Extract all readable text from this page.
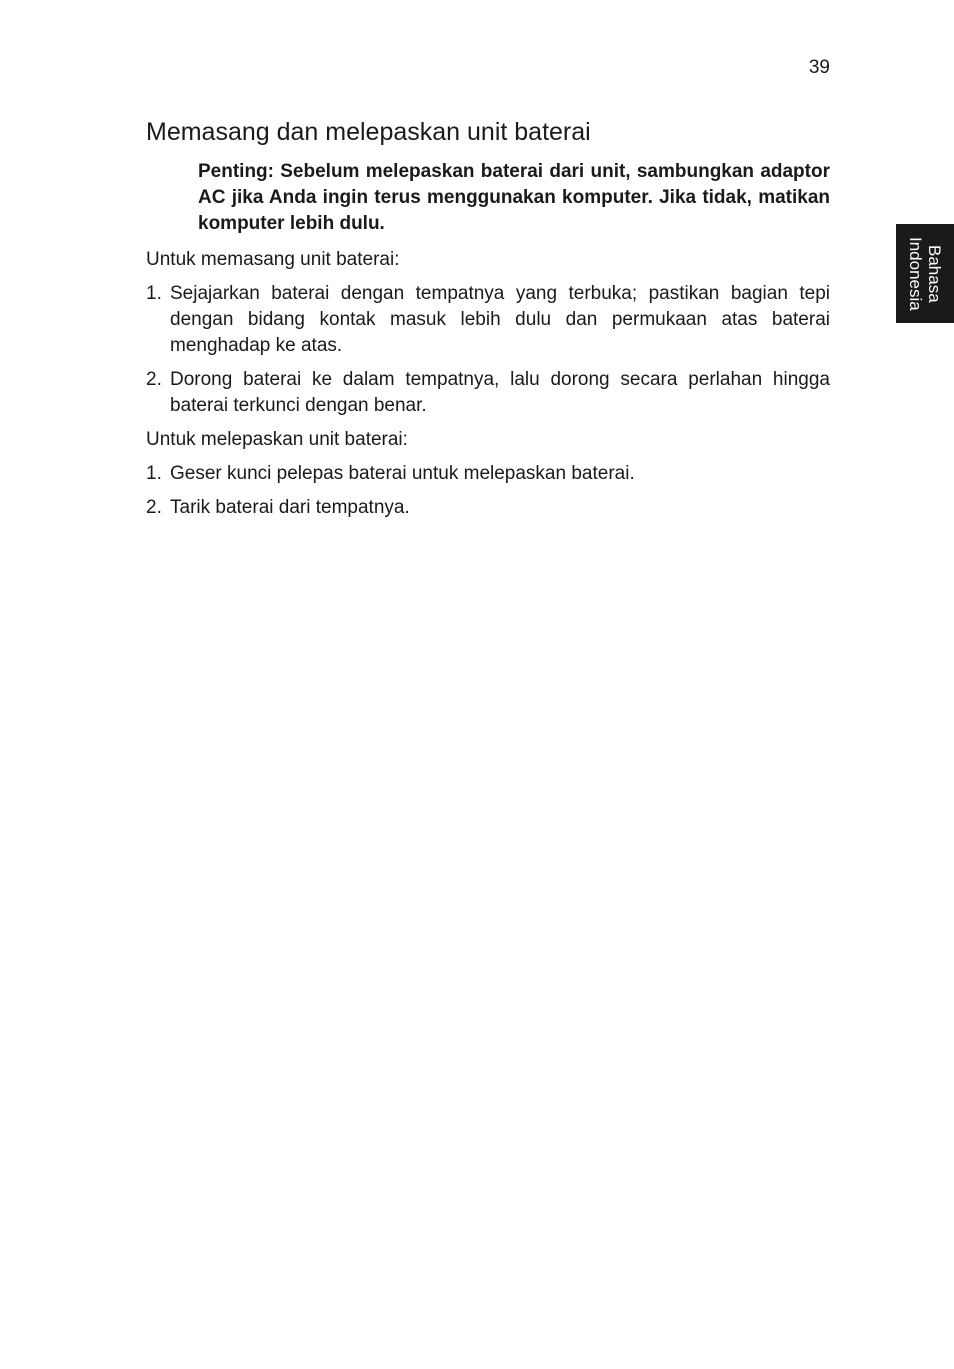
39
Bahasa
Indonesia
Memasang dan melepaskan unit baterai

Penting: Sebelum melepaskan baterai dari unit, sambungkan adaptor AC jika Anda ingin terus menggunakan komputer. Jika tidak, matikan komputer lebih dulu.

Untuk memasang unit baterai:

1. Sejajarkan baterai dengan tempatnya yang terbuka; pastikan bagian tepi dengan bidang kontak masuk lebih dulu dan permukaan atas baterai menghadap ke atas.
2. Dorong baterai ke dalam tempatnya, lalu dorong secara perlahan hingga baterai terkunci dengan benar.

Untuk melepaskan unit baterai:

1. Geser kunci pelepas baterai untuk melepaskan baterai.
2. Tarik baterai dari tempatnya.
